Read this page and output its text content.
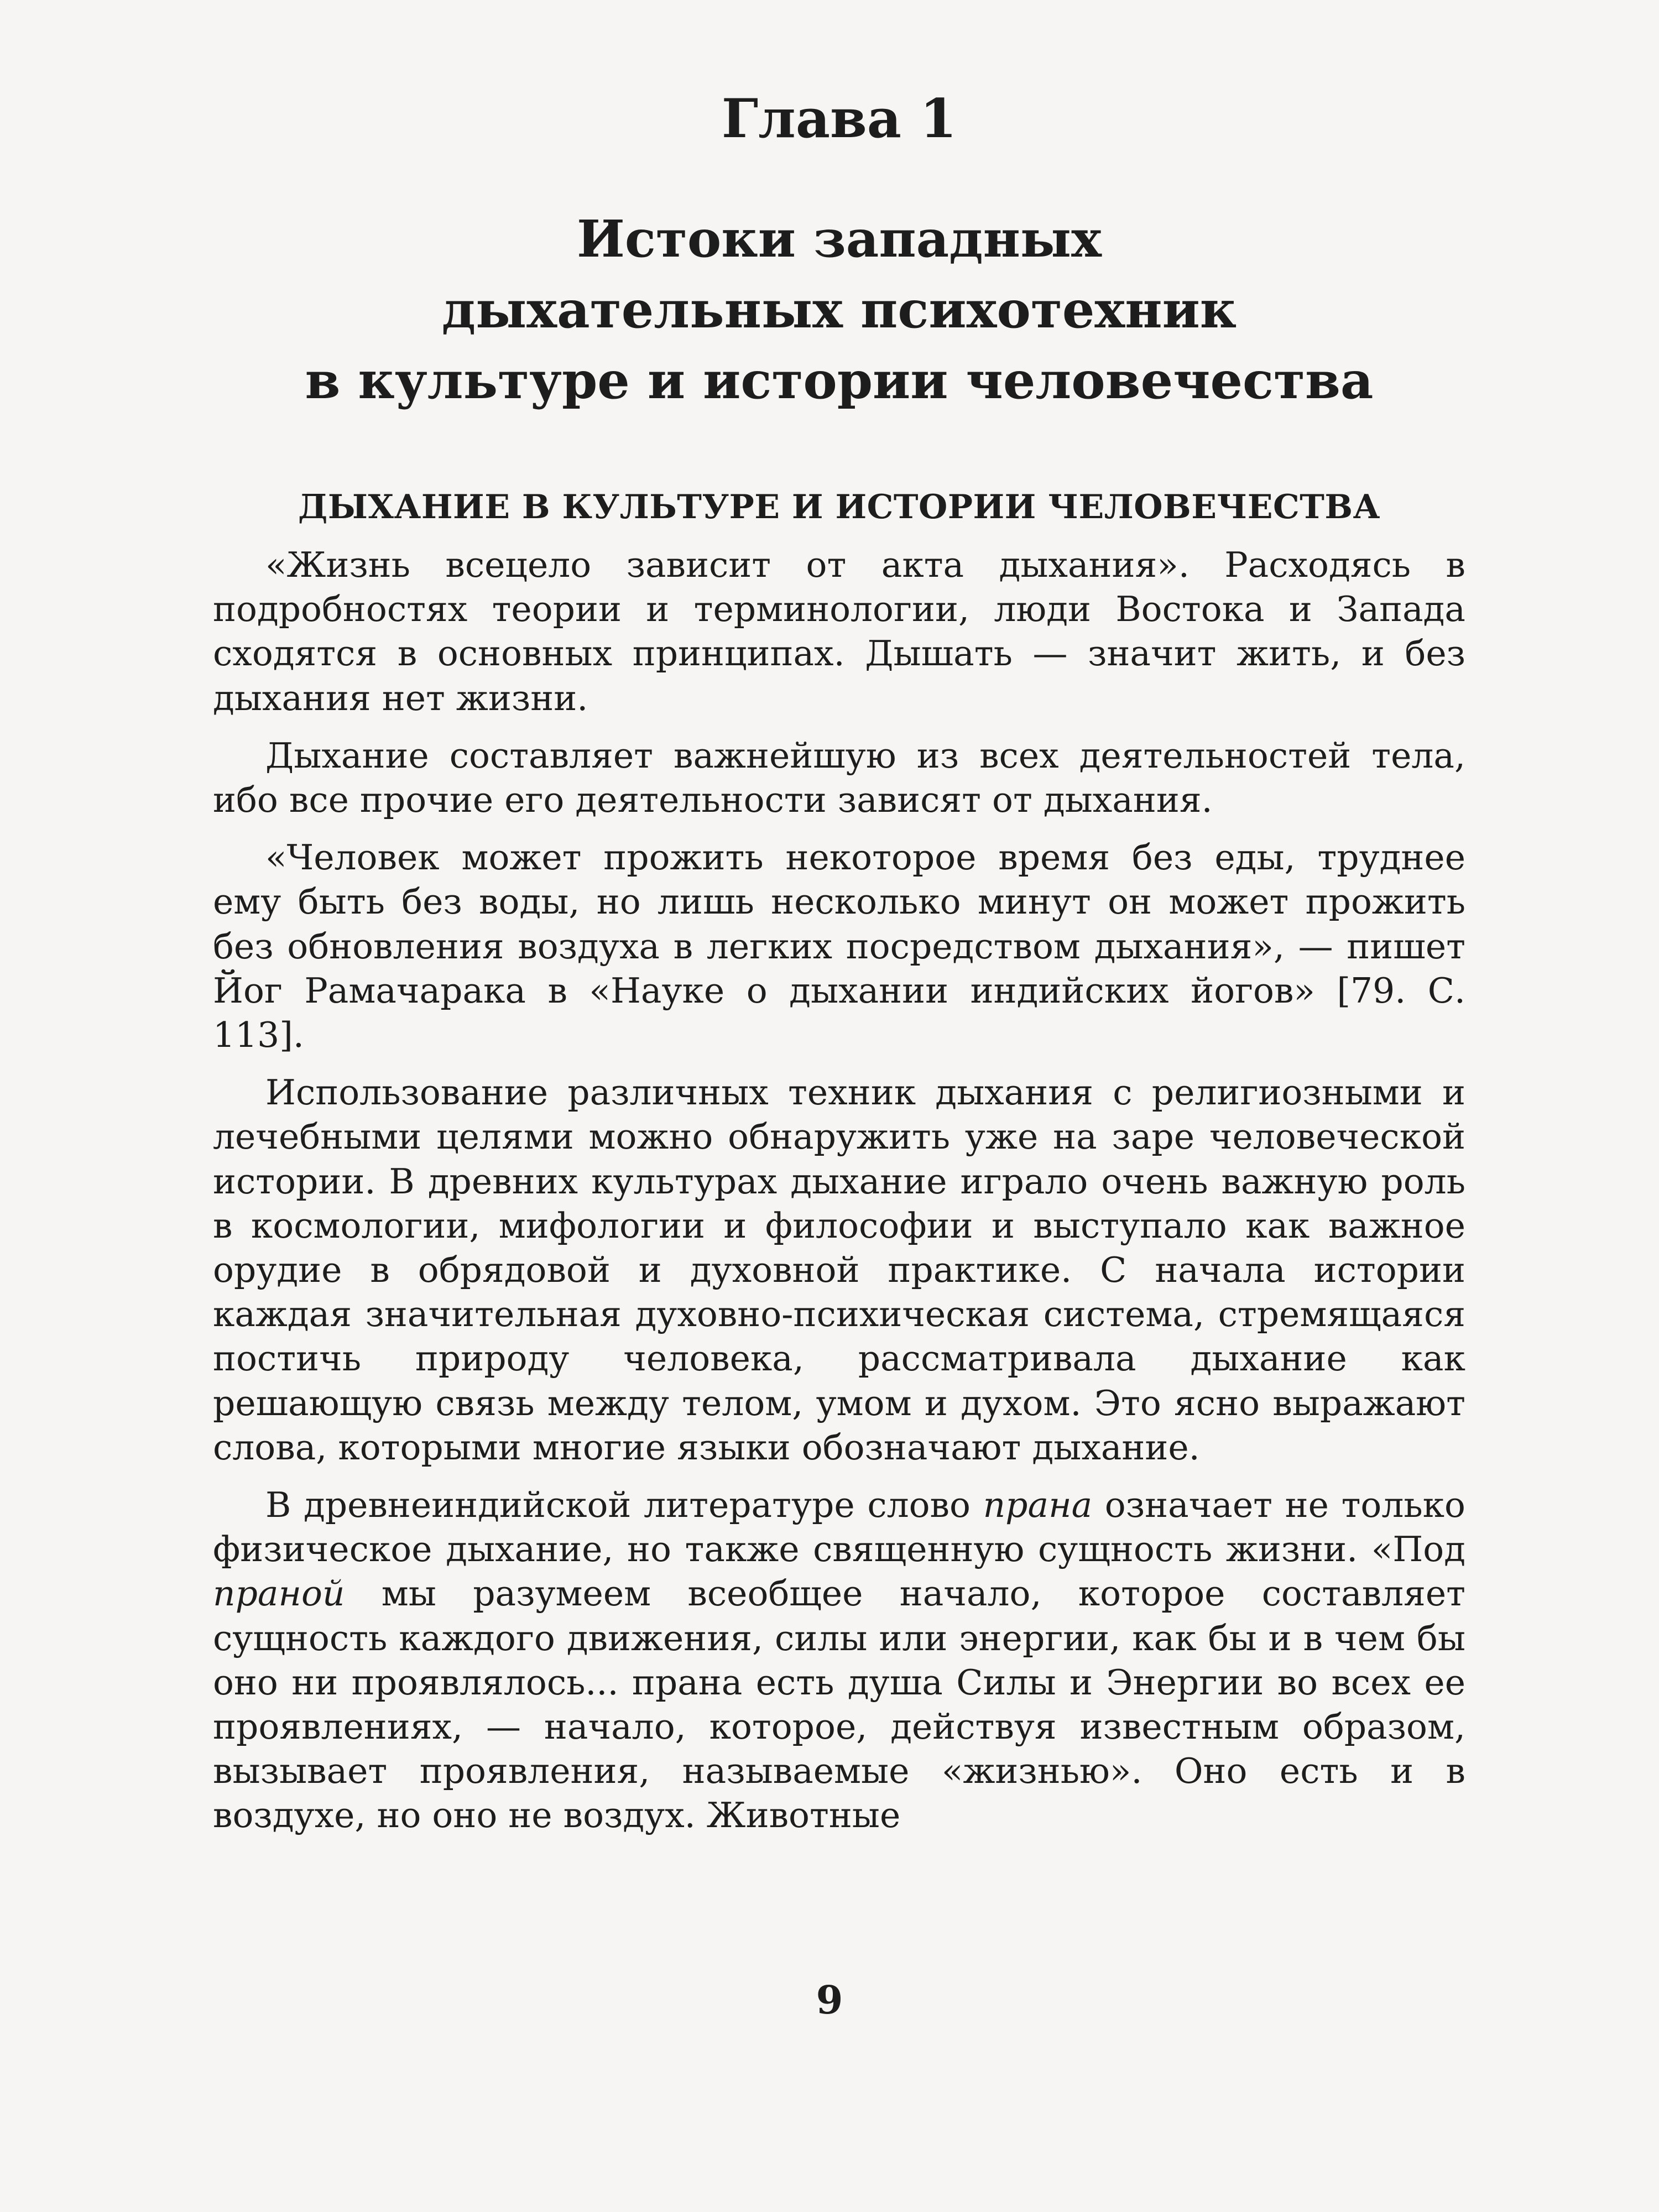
Глава 1
Истоки западных
дыхательных психотехник
в культуре и истории человечества
ДЫХАНИЕ В КУЛЬТУРЕ И ИСТОРИИ ЧЕЛОВЕЧЕСТВА

«Жизнь всецело зависит от акта дыхания». Расходясь в подробностях теории и терминологии, люди Востока и Запада сходятся в основных принципах. Дышать — значит жить, и без дыхания нет жизни.

Дыхание составляет важнейшую из всех деятельностей тела, ибо все прочие его деятельности зависят от дыхания.

«Человек может прожить некоторое время без еды, труднее ему быть без воды, но лишь несколько минут он может прожить без обновления воздуха в легких посредством дыхания», — пишет Йог Рамачарака в «Науке о дыхании индийских йогов» [79. С. 113].

Использование различных техник дыхания с религиозными и лечебными целями можно обнаружить уже на заре человеческой истории. В древних культурах дыхание играло очень важную роль в космологии, мифологии и философии и выступало как важное орудие в обрядовой и духовной практике. С начала истории каждая значительная духовно-психическая система, стремящаяся постичь природу человека, рассматривала дыхание как решающую связь между телом, умом и духом. Это ясно выражают слова, которыми многие языки обозначают дыхание.

В древнеиндийской литературе слово прана означает не только физическое дыхание, но также священную сущность жизни. «Под праной мы разумеем всеобщее начало, которое составляет сущность каждого движения, силы или энергии, как бы и в чем бы оно ни проявлялось... прана есть душа Силы и Энергии во всех ее проявлениях, — начало, которое, действуя известным образом, вызывает проявления, называемые «жизнью». Оно есть и в воздухе, но оно не воздух. Животные

9
